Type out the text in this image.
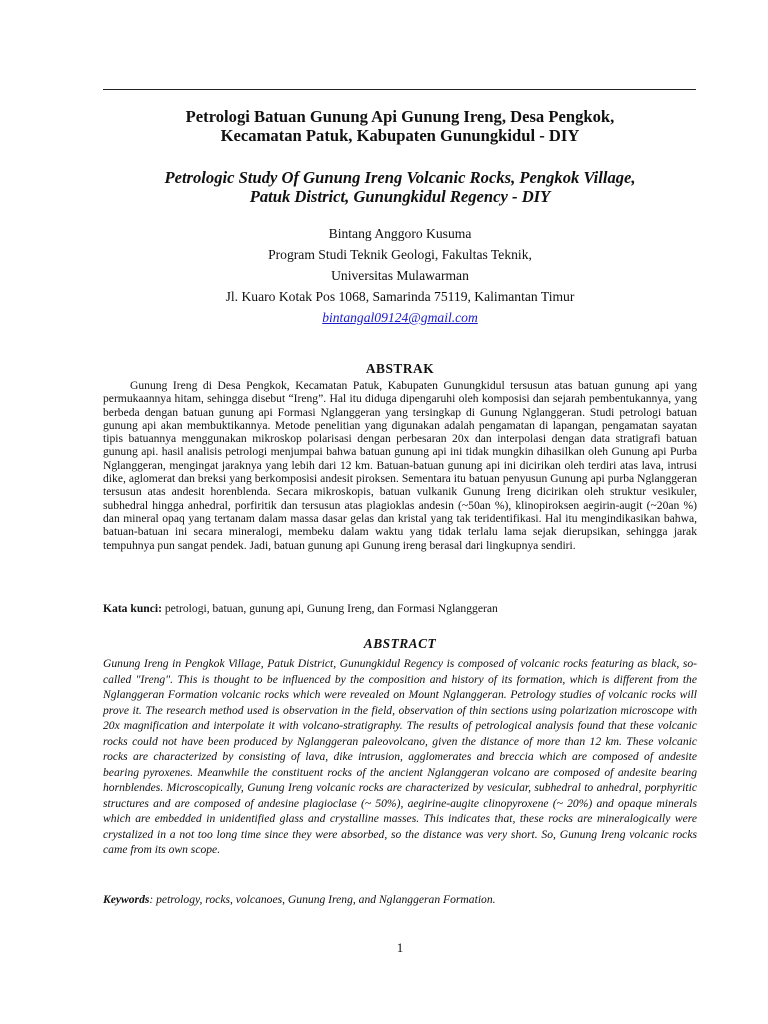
Petrologi Batuan Gunung Api Gunung Ireng, Desa Pengkok,
Kecamatan Patuk, Kabupaten Gunungkidul - DIY
Petrologic Study Of Gunung Ireng Volcanic Rocks, Pengkok Village,
Patuk District, Gunungkidul Regency - DIY
Bintang Anggoro Kusuma
Program Studi Teknik Geologi, Fakultas Teknik,
Universitas Mulawarman
Jl. Kuaro Kotak Pos 1068, Samarinda 75119, Kalimantan Timur
bintangal09124@gmail.com
ABSTRAK

Gunung Ireng di Desa Pengkok, Kecamatan Patuk, Kabupaten Gunungkidul tersusun atas batuan gunung api yang permukaannya hitam, sehingga disebut “Ireng”. Hal itu diduga dipengaruhi oleh komposisi dan sejarah pembentukannya, yang berbeda dengan batuan gunung api Formasi Nglanggeran yang tersingkap di Gunung Nglanggeran. Studi petrologi batuan gunung api akan membuktikannya. Metode penelitian yang digunakan adalah pengamatan di lapangan, pengamatan sayatan tipis batuannya menggunakan mikroskop polarisasi dengan perbesaran 20x dan interpolasi dengan data stratigrafi batuan gunung api. hasil analisis petrologi menjumpai bahwa batuan gunung api ini tidak mungkin dihasilkan oleh Gunung api Purba Nglanggeran, mengingat jaraknya yang lebih dari 12 km. Batuan-batuan gunung api ini dicirikan oleh terdiri atas lava, intrusi dike, aglomerat dan breksi yang berkomposisi andesit piroksen. Sementara itu batuan penyusun Gunung api purba Nglanggeran tersusun atas andesit horenblenda. Secara mikroskopis, batuan vulkanik Gunung Ireng dicirikan oleh struktur vesikuler, subhedral hingga anhedral, porfiritik dan tersusun atas plagioklas andesin (~50an %), klinopiroksen aegirin-augit (~20an %) dan mineral opaq yang tertanam dalam massa dasar gelas dan kristal yang tak teridentifikasi. Hal itu mengindikasikan bahwa, batuan-batuan ini secara mineralogi, membeku dalam waktu yang tidak terlalu lama sejak dierupsikan, sehingga jarak tempuhnya pun sangat pendek. Jadi, batuan gunung api Gunung ireng berasal dari lingkupnya sendiri.

Kata kunci: petrologi, batuan, gunung api, Gunung Ireng, dan Formasi Nglanggeran
ABSTRACT

Gunung Ireng in Pengkok Village, Patuk District, Gunungkidul Regency is composed of volcanic rocks featuring as black, so-called "Ireng". This is thought to be influenced by the composition and history of its formation, which is different from the Nglanggeran Formation volcanic rocks which were revealed on Mount Nglanggeran. Petrology studies of volcanic rocks will prove it. The research method used is observation in the field, observation of thin sections using polarization microscope with 20x magnification and interpolate it with volcano-stratigraphy. The results of petrological analysis found that these volcanic rocks could not have been produced by Nglanggeran paleovolcano, given the distance of more than 12 km. These volcanic rocks are characterized by consisting of lava, dike intrusion, agglomerates and breccia which are composed of andesite bearing pyroxenes. Meanwhile the constituent rocks of the ancient Nglanggeran volcano are composed of andesite bearing hornblendes. Microscopically, Gunung Ireng volcanic rocks are characterized by vesicular, subhedral to anhedral, porphyritic structures and are composed of andesine plagioclase (~ 50%), aegirine-augite clinopyroxene (~ 20%) and opaque minerals which are embedded in unidentified glass and crystalline masses. This indicates that, these rocks are mineralogically were crystalized in a not too long time since they were absorbed, so the distance was very short. So, Gunung Ireng volcanic rocks came from its own scope.

Keywords: petrology, rocks, volcanoes, Gunung Ireng, and Nglanggeran Formation.
1
